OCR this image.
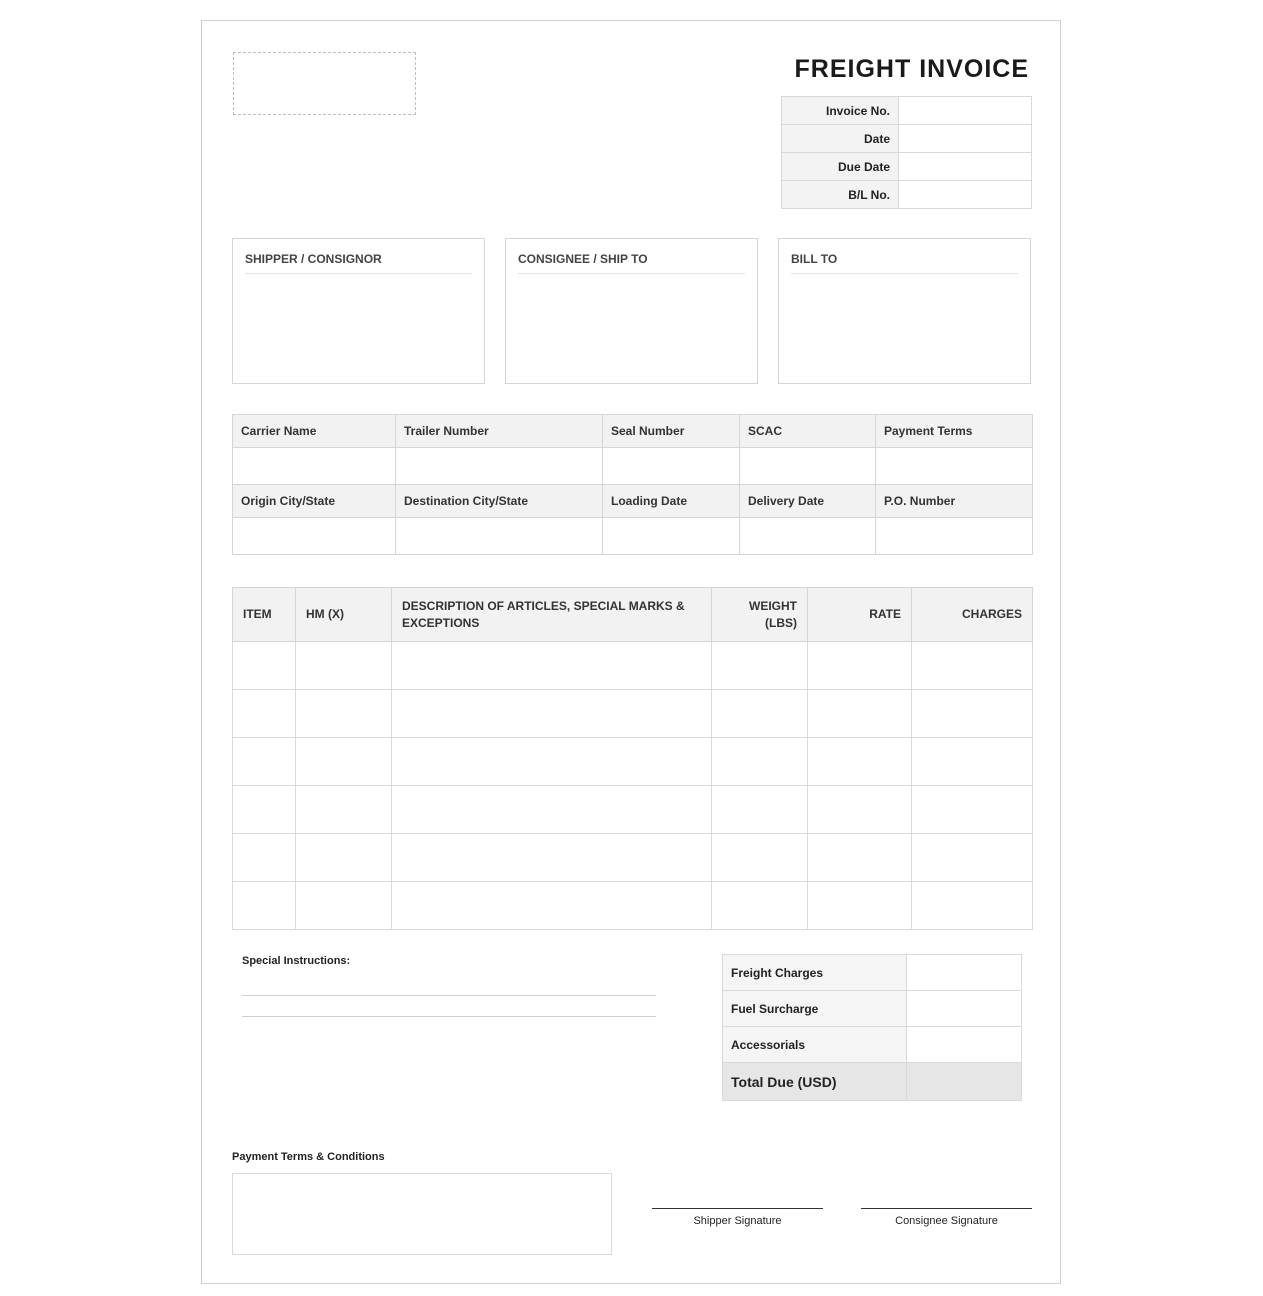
FREIGHT INVOICE
Invoice No.	
Date	
Due Date	
B/L No.	
SHIPPER / CONSIGNOR	CONSIGNEE / SHIP TO	BILL TO
Carrier Name	Trailer Number	Seal Number	SCAC	Payment Terms

Origin City/State	Destination City/State	Loading Date	Delivery Date	P.O. Number

ITEM	HM (X)	DESCRIPTION OF ARTICLES, SPECIAL MARKS & EXCEPTIONS	WEIGHT (LBS)	RATE	CHARGES

Special Instructions:
Freight Charges	
Fuel Surcharge	
Accessorials	
Total Due (USD)	
Payment Terms & Conditions
Shipper Signature	Consignee Signature
